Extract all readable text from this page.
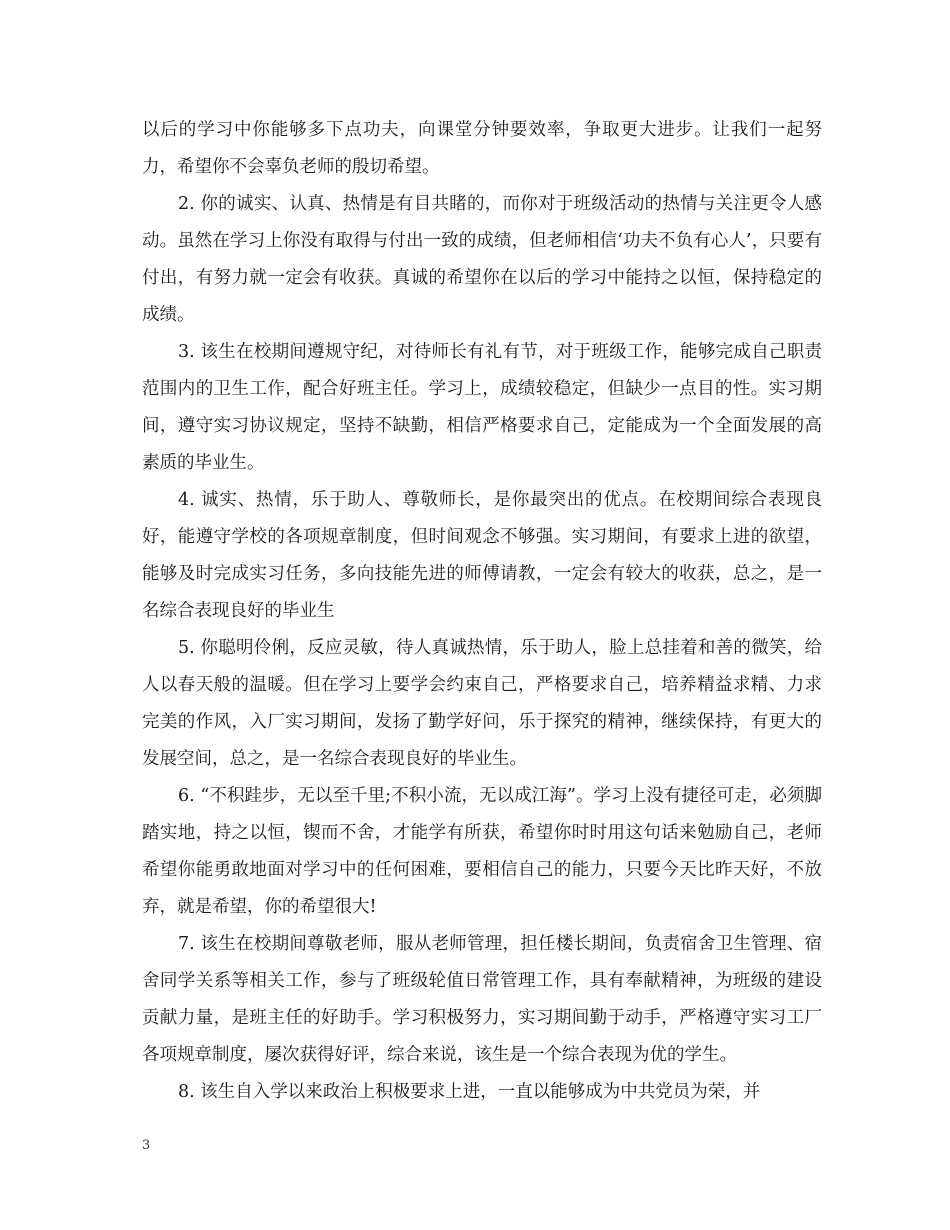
以后的学习中你能够多下点功夫，向课堂分钟要效率，争取更大进步。让我们一起努力，希望你不会辜负老师的殷切希望。

2. 你的诚实、认真、热情是有目共睹的，而你对于班级活动的热情与关注更令人感动。虽然在学习上你没有取得与付出一致的成绩，但老师相信‘功夫不负有心人’，只要有付出，有努力就一定会有收获。真诚的希望你在以后的学习中能持之以恒，保持稳定的成绩。

3. 该生在校期间遵规守纪，对待师长有礼有节，对于班级工作，能够完成自己职责范围内的卫生工作，配合好班主任。学习上，成绩较稳定，但缺少一点目的性。实习期间，遵守实习协议规定，坚持不缺勤，相信严格要求自己，定能成为一个全面发展的高素质的毕业生。

4. 诚实、热情，乐于助人、尊敬师长，是你最突出的优点。在校期间综合表现良好，能遵守学校的各项规章制度，但时间观念不够强。实习期间，有要求上进的欲望，能够及时完成实习任务，多向技能先进的师傅请教，一定会有较大的收获，总之，是一名综合表现良好的毕业生

5. 你聪明伶俐，反应灵敏，待人真诚热情，乐于助人，脸上总挂着和善的微笑，给人以春天般的温暖。但在学习上要学会约束自己，严格要求自己，培养精益求精、力求完美的作风，入厂实习期间，发扬了勤学好问，乐于探究的精神，继续保持，有更大的发展空间，总之，是一名综合表现良好的毕业生。

6. “不积跬步，无以至千里;不积小流，无以成江海”。学习上没有捷径可走，必须脚踏实地，持之以恒，锲而不舍，才能学有所获，希望你时时用这句话来勉励自己，老师希望你能勇敢地面对学习中的任何困难，要相信自己的能力，只要今天比昨天好，不放弃，就是希望，你的希望很大!

7. 该生在校期间尊敬老师，服从老师管理，担任楼长期间，负责宿舍卫生管理、宿舍同学关系等相关工作，参与了班级轮值日常管理工作，具有奉献精神，为班级的建设贡献力量，是班主任的好助手。学习积极努力，实习期间勤于动手，严格遵守实习工厂各项规章制度，屡次获得好评，综合来说，该生是一个综合表现为优的学生。

8. 该生自入学以来政治上积极要求上进，一直以能够成为中共党员为荣，并

3
